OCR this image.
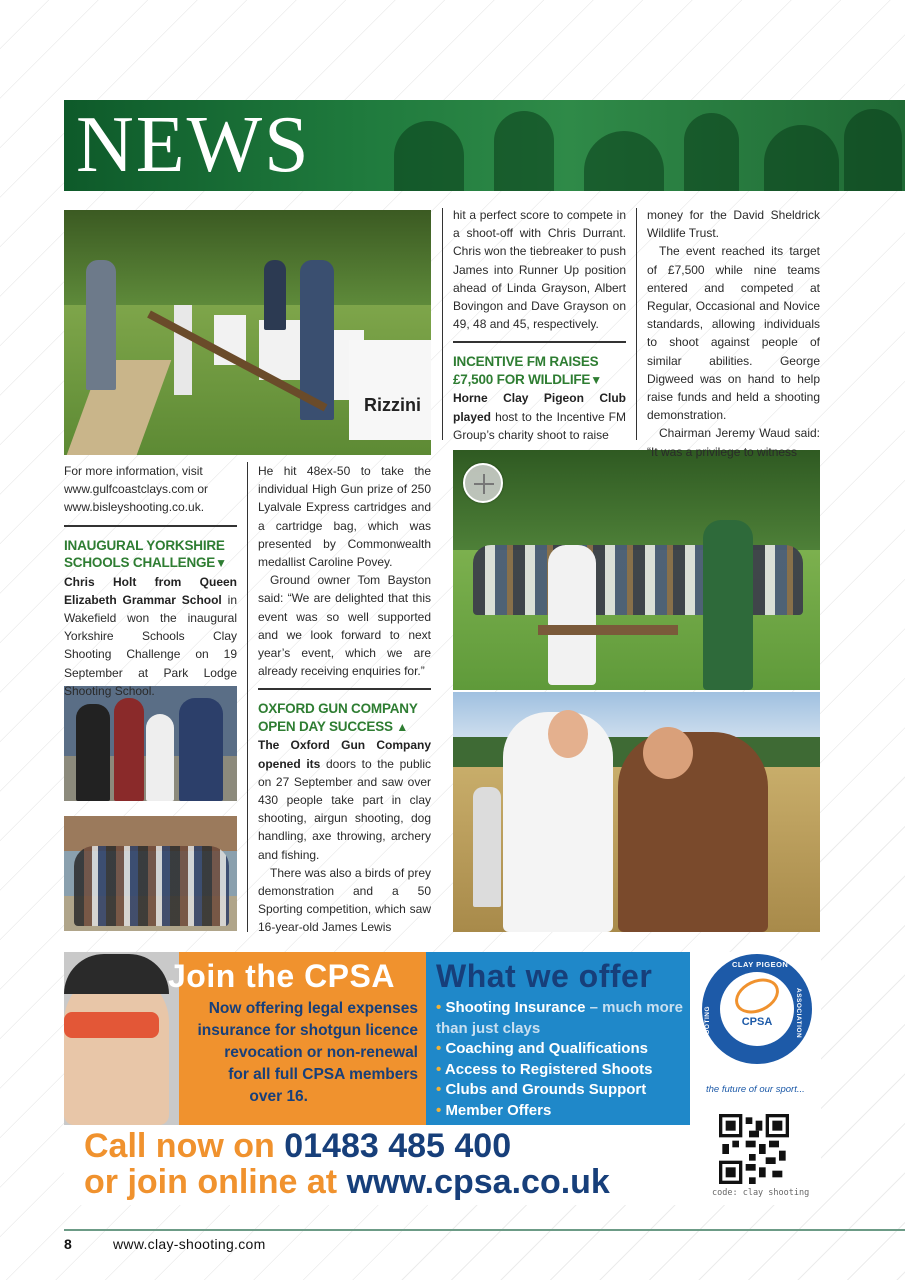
NEWS
Rizzini

For more information, visit www.gulfcoastclays.com or www.bisleyshooting.co.uk.

INAUGURAL YORKSHIRE SCHOOLS CHALLENGE▼

Chris Holt from Queen Elizabeth Grammar School in Wakefield won the inaugural Yorkshire Schools Clay Shooting Challenge on 19 September at Park Lodge Shooting School.

He hit 48ex-50 to take the individual High Gun prize of 250 Lyalvale Express cartridges and a cartridge bag, which was presented by Commonwealth medallist Caroline Povey.

Ground owner Tom Bayston said: “We are delighted that this event was so well supported and we look forward to next year’s event, which we are already receiving enquiries for.”

OXFORD GUN COMPANY OPEN DAY SUCCESS ▲

The Oxford Gun Company opened its doors to the public on 27 September and saw over 430 people take part in clay shooting, airgun shooting, dog handling, axe throwing, archery and fishing.

There was also a birds of prey demonstration and a 50 Sporting competition, which saw 16-year-old James Lewis

hit a perfect score to compete in a shoot-off with Chris Durrant. Chris won the tiebreaker to push James into Runner Up position ahead of Linda Grayson, Albert Bovingon and Dave Grayson on 49, 48 and 45, respectively.

INCENTIVE FM RAISES £7,500 FOR WILDLIFE▼

Horne Clay Pigeon Club played host to the Incentive FM Group’s charity shoot to raise

money for the David Sheldrick Wildlife Trust.

The event reached its target of £7,500 while nine teams entered and competed at Regular, Occasional and Novice standards, allowing individuals to shoot against people of similar abilities. George Digweed was on hand to help raise funds and held a shooting demonstration.

Chairman Jeremy Waud said: “It was a privilege to witness

Join the CPSA
Now offering legal expenses
insurance for shotgun licence
revocation or non-renewal
for all full CPSA members
over 16.
What we offer
• Shooting Insurance – much more than just clays
• Coaching and Qualifications
• Access to Registered Shoots
• Clubs and Grounds Support
• Member Offers
CLAY PIGEON
SHOOTING	ASSOCIATION
CPSA
the future of our sport...
Call now on 01483 485 400
or join online at www.cpsa.co.uk	code: clay shooting
8	www.clay-shooting.com
